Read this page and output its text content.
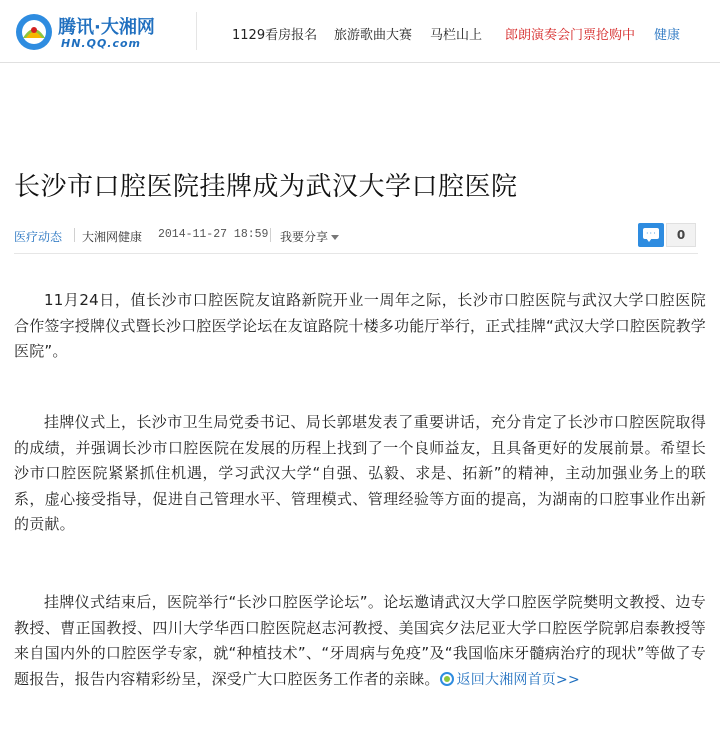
腾讯·大湘网
HN.QQ.com
1129看房报名 旅游歌曲大赛 马栏山上 郎朗演奏会门票抢购中 健康
长沙市口腔医院挂牌成为武汉大学口腔医院
医疗动态 大湘网健康 2014-11-27 18:59 我要分享	···	0

11月24日，值长沙市口腔医院友谊路新院开业一周年之际，长沙市口腔医院与武汉大学口腔医院合作签字授牌仪式暨长沙口腔医学论坛在友谊路院十楼多功能厅举行，正式挂牌“武汉大学口腔医院教学医院”。

挂牌仪式上，长沙市卫生局党委书记、局长郭堪发表了重要讲话，充分肯定了长沙市口腔医院取得的成绩，并强调长沙市口腔医院在发展的历程上找到了一个良师益友，且具备更好的发展前景。希望长沙市口腔医院紧紧抓住机遇，学习武汉大学“自强、弘毅、求是、拓新”的精神，主动加强业务上的联系，虚心接受指导，促进自己管理水平、管理模式、管理经验等方面的提高，为湖南的口腔事业作出新的贡献。

挂牌仪式结束后，医院举行“长沙口腔医学论坛”。论坛邀请武汉大学口腔医学院樊明文教授、边专教授、曹正国教授、四川大学华西口腔医院赵志河教授、美国宾夕法尼亚大学口腔医学院郭启泰教授等来自国内外的口腔医学专家，就“种植技术”、“牙周病与免疫”及“我国临床牙髓病治疗的现状”等做了专题报告，报告内容精彩纷呈，深受广大口腔医务工作者的亲睐。 返回大湘网首页>>
